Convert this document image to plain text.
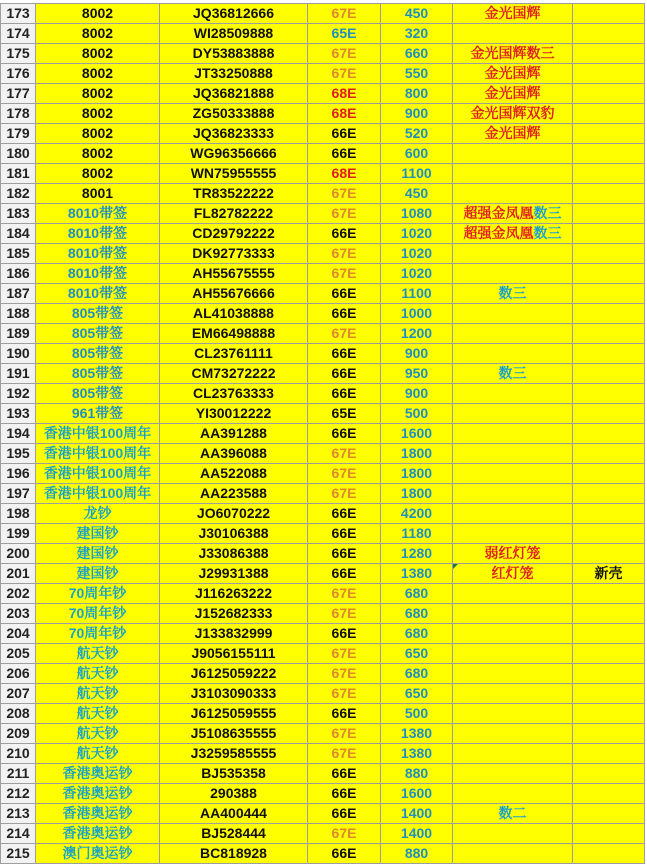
173	8002	JQ36812666	67E	450	金光国辉	
174	8002	WI28509888	65E	320		
175	8002	DY53883888	67E	660	金光国辉数三	
176	8002	JT33250888	67E	550	金光国辉	
177	8002	JQ36821888	68E	800	金光国辉	
178	8002	ZG50333888	68E	900	金光国辉双豹	
179	8002	JQ36823333	66E	520	金光国辉	
180	8002	WG96356666	66E	600		
181	8002	WN75955555	68E	1100		
182	8001	TR83522222	67E	450		
183	8010带签	FL82782222	67E	1080	超强金凤凰数三	
184	8010带签	CD29792222	66E	1020	超强金凤凰数三	
185	8010带签	DK92773333	67E	1020		
186	8010带签	AH55675555	67E	1020		
187	8010带签	AH55676666	66E	1100	数三	
188	805带签	AL41038888	66E	1000		
189	805带签	EM66498888	67E	1200		
190	805带签	CL23761111	66E	900		
191	805带签	CM73272222	66E	950	数三	
192	805带签	CL23763333	66E	900		
193	961带签	YI30012222	65E	500		
194	香港中银100周年	AA391288	66E	1600		
195	香港中银100周年	AA396088	67E	1800		
196	香港中银100周年	AA522088	67E	1800		
197	香港中银100周年	AA223588	67E	1800		
198	龙钞	JO6070222	66E	4200		
199	建国钞	J30106388	66E	1180		
200	建国钞	J33086388	66E	1280	弱红灯笼	
201	建国钞	J29931388	66E	1380	红灯笼	新壳
202	70周年钞	J116263222	67E	680		
203	70周年钞	J152682333	67E	680		
204	70周年钞	J133832999	66E	680		
205	航天钞	J9056155111	67E	650		
206	航天钞	J6125059222	67E	680		
207	航天钞	J3103090333	67E	650		
208	航天钞	J6125059555	66E	500		
209	航天钞	J5108635555	67E	1380		
210	航天钞	J3259585555	67E	1380		
211	香港奥运钞	BJ535358	66E	880		
212	香港奥运钞	290388	66E	1600		
213	香港奥运钞	AA400444	66E	1400	数二	
214	香港奥运钞	BJ528444	67E	1400		
215	澳门奥运钞	BC818928	66E	880		
